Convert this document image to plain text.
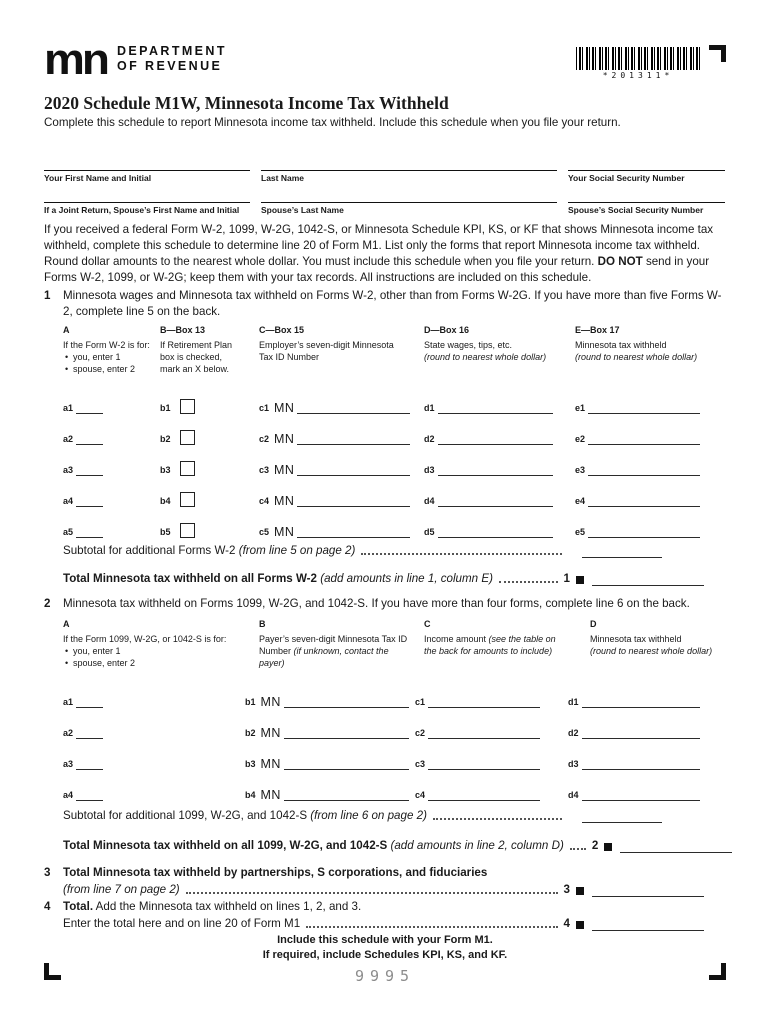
mn DEPARTMENT
OF REVENUE
*201311*
2020 Schedule M1W, Minnesota Income Tax Withheld

Complete this schedule to report Minnesota income tax withheld. Include this schedule when you file your return.

Your First Name and Initial	Last Name	Your Social Security Number
If a Joint Return, Spouse’s First Name and Initial	Spouse’s Last Name	Spouse’s Social Security Number

If you received a federal Form W-2, 1099, W-2G, 1042-S, or Minnesota Schedule KPI, KS, or KF that shows Minnesota income tax withheld, complete this schedule to determine line 20 of Form M1. List only the forms that report Minnesota income tax withheld. Round dollar amounts to the nearest whole dollar. You must include this schedule when you file your return. DO NOT send in your Forms W-2, 1099, or W-2G; keep them with your tax records. All instructions are included on this schedule.

1	Minnesota wages and Minnesota tax withheld on Forms W-2, other than from Forms W-2G. If you have more than five Forms W-2, complete line 5 on the back.
A
If the Form W-2 is for:
• you, enter 1
• spouse, enter 2
B—Box 13
If Retirement Plan
box is checked,
mark an X below.
C—Box 15
Employer’s seven-digit Minnesota
Tax ID Number
D—Box 16
State wages, tips, etc.
(round to nearest whole dollar)
E—Box 17
Minnesota tax withheld
(round to nearest whole dollar)
a1	b1	c1 MN	d1	e1
a2	b2	c2 MN	d2	e2
a3	b3	c3 MN	d3	e3
a4	b4	c4 MN	d4	e4
a5	b5	c5 MN	d5	e5
Subtotal for additional Forms W-2 (from line 5 on page 2)
Total Minnesota tax withheld on all Forms W-2 (add amounts in line 1, column E)	1
2	Minnesota tax withheld on Forms 1099, W-2G, and 1042-S. If you have more than four forms, complete line 6 on the back.
A
If the Form 1099, W-2G, or 1042-S is for:
• you, enter 1
• spouse, enter 2
B
Payer’s seven-digit Minnesota Tax ID
Number (if unknown, contact the payer)
C
Income amount (see the table on
the back for amounts to include)
D
Minnesota tax withheld
(round to nearest whole dollar)
a1	b1 MN	c1	d1
a2	b2 MN	c2	d2
a3	b3 MN	c3	d3
a4	b4 MN	c4	d4
Subtotal for additional 1099, W-2G, and 1042-S (from line 6 on page 2)
Total Minnesota tax withheld on all 1099, W-2G, and 1042-S (add amounts in line 2, column D) 2
3	Total Minnesota tax withheld by partnerships, S corporations, and fiduciaries
(from line 7 on page 2)	3
4	Total. Add the Minnesota tax withheld on lines 1, 2, and 3.
Enter the total here and on line 20 of Form M1	4
Include this schedule with your Form M1.
If required, include Schedules KPI, KS, and KF.
9995
